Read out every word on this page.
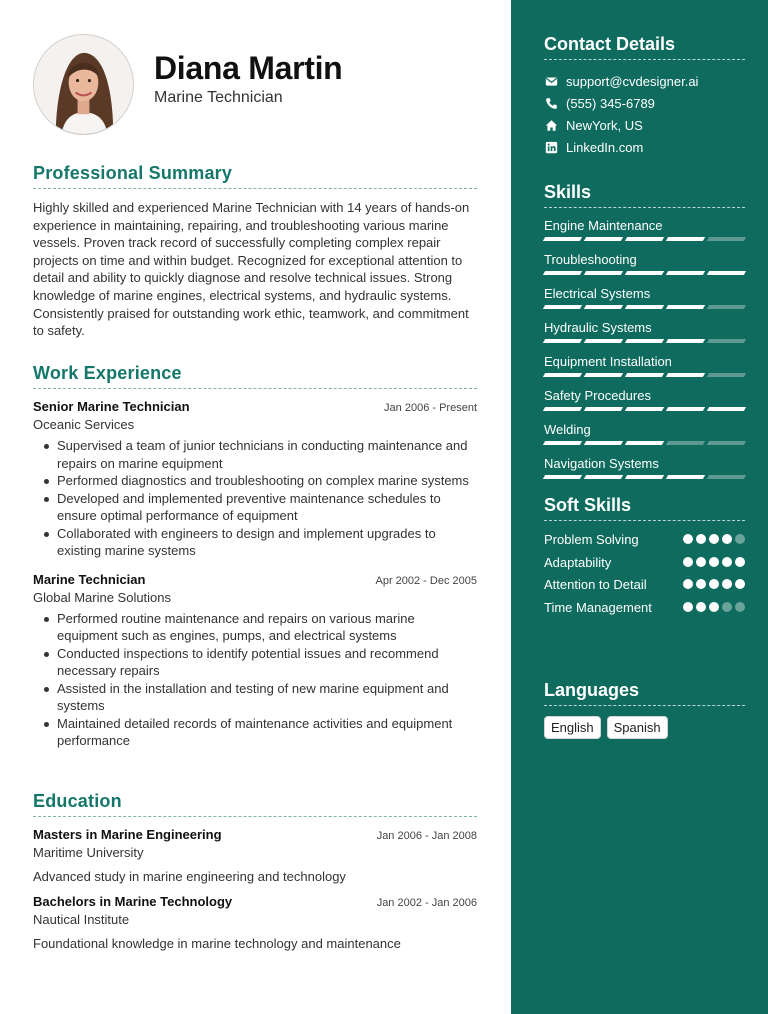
Diana Martin
Marine Technician
Professional Summary
Highly skilled and experienced Marine Technician with 14 years of hands-on experience in maintaining, repairing, and troubleshooting various marine vessels. Proven track record of successfully completing complex repair projects on time and within budget. Recognized for exceptional attention to detail and ability to quickly diagnose and resolve technical issues. Strong knowledge of marine engines, electrical systems, and hydraulic systems. Consistently praised for outstanding work ethic, teamwork, and commitment to safety.
Work Experience
Senior Marine Technician	Jan 2006 - Present
Oceanic Services
Supervised a team of junior technicians in conducting maintenance and repairs on marine equipment
Performed diagnostics and troubleshooting on complex marine systems
Developed and implemented preventive maintenance schedules to ensure optimal performance of equipment
Collaborated with engineers to design and implement upgrades to existing marine systems
Marine Technician	Apr 2002 - Dec 2005
Global Marine Solutions
Performed routine maintenance and repairs on various marine equipment such as engines, pumps, and electrical systems
Conducted inspections to identify potential issues and recommend necessary repairs
Assisted in the installation and testing of new marine equipment and systems
Maintained detailed records of maintenance activities and equipment performance
Education
Masters in Marine Engineering	Jan 2006 - Jan 2008
Maritime University
Advanced study in marine engineering and technology
Bachelors in Marine Technology	Jan 2002 - Jan 2006
Nautical Institute
Foundational knowledge in marine technology and maintenance
Contact Details
support@cvdesigner.ai
(555) 345-6789
NewYork, US
LinkedIn.com
Skills
Engine Maintenance
Troubleshooting
Electrical Systems
Hydraulic Systems
Equipment Installation
Safety Procedures
Welding
Navigation Systems
Soft Skills
Problem Solving
Adaptability
Attention to Detail
Time Management
Languages
English	Spanish
